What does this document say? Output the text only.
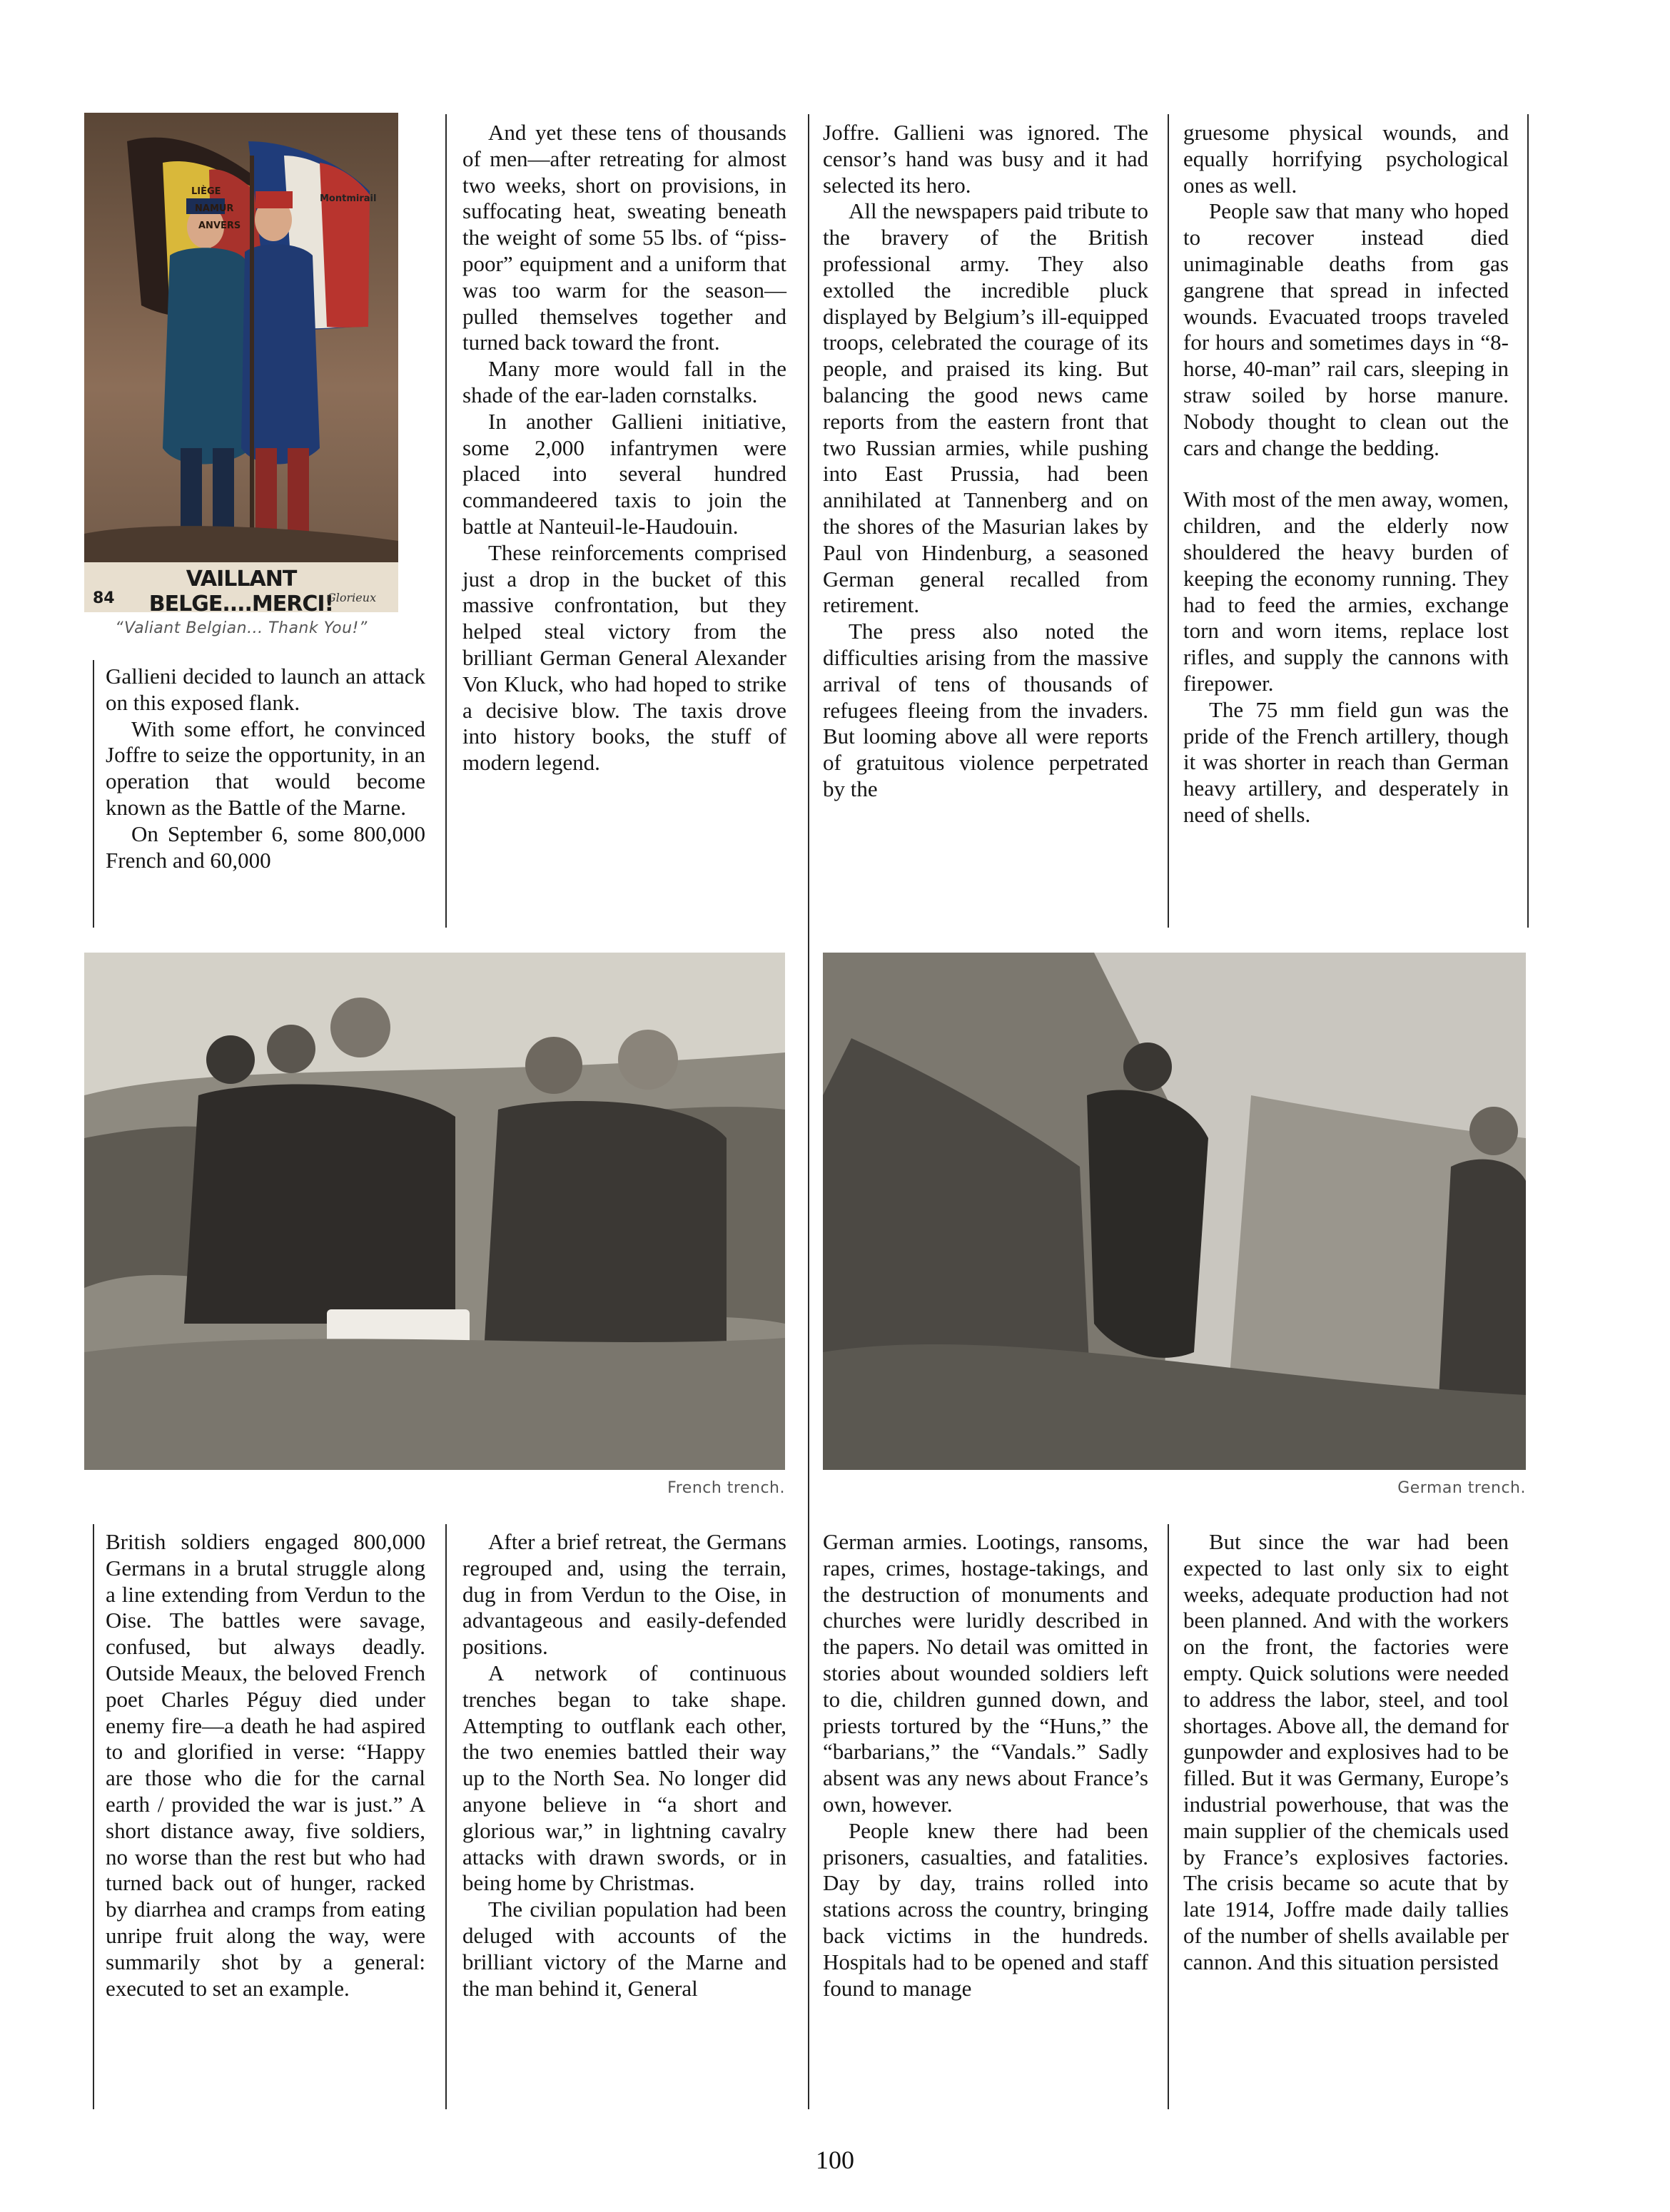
LIÈGE
NAMUR
ANVERS
Montmirail
VAILLANT BELGE....MERCI!
84	Glorieux
“Valiant Belgian... Thank You!”

Gallieni decided to launch an attack on this exposed flank.

With some effort, he convinced Joffre to seize the opportunity, in an operation that would become known as the Battle of the Marne.

On September 6, some 800,000 French and 60,000

And yet these tens of thousands of men—after retreating for almost two weeks, short on provisions, in suffocating heat, sweating beneath the weight of some 55 lbs. of “piss-poor” equipment and a uniform that was too warm for the season—pulled themselves together and turned back toward the front.

Many more would fall in the shade of the ear-laden cornstalks.

In another Gallieni initiative, some 2,000 infantrymen were placed into several hundred commandeered taxis to join the battle at Nanteuil-le-Haudouin.

These reinforcements comprised just a drop in the bucket of this massive confrontation, but they helped steal victory from the brilliant German General Alexander Von Kluck, who had hoped to strike a decisive blow. The taxis drove into history books, the stuff of modern legend.

Joffre. Gallieni was ignored. The censor’s hand was busy and it had selected its hero.

All the newspapers paid tribute to the bravery of the British professional army. They also extolled the incredible pluck displayed by Belgium’s ill-equipped troops, celebrated the courage of its people, and praised its king. But balancing the good news came reports from the eastern front that two Russian armies, while pushing into East Prussia, had been annihilated at Tannenberg and on the shores of the Masurian lakes by Paul von Hindenburg, a seasoned German general recalled from retirement.

The press also noted the difficulties arising from the massive arrival of tens of thousands of refugees fleeing from the invaders. But looming above all were reports of gratuitous violence perpetrated by the

gruesome physical wounds, and equally horrifying psychological ones as well.

People saw that many who hoped to recover instead died unimaginable deaths from gas gangrene that spread in infected wounds. Evacuated troops traveled for hours and sometimes days in “8-horse, 40-man” rail cars, sleeping in straw soiled by horse manure. Nobody thought to clean out the cars and change the bedding.

With most of the men away, women, children, and the elderly now shouldered the heavy burden of keeping the economy running. They had to feed the armies, exchange torn and worn items, replace lost rifles, and supply the cannons with firepower.

The 75 mm field gun was the pride of the French artillery, though it was shorter in reach than German heavy artillery, and desperately in need of shells.

French trench.	German trench.

British soldiers engaged 800,000 Germans in a brutal struggle along a line extending from Verdun to the Oise. The battles were savage, confused, but always deadly. Outside Meaux, the beloved French poet Charles Péguy died under enemy fire—a death he had aspired to and glorified in verse: “Happy are those who die for the carnal earth / provided the war is just.” A short distance away, five soldiers, no worse than the rest but who had turned back out of hunger, racked by diarrhea and cramps from eating unripe fruit along the way, were summarily shot by a general: executed to set an example.

After a brief retreat, the Germans regrouped and, using the terrain, dug in from Verdun to the Oise, in advantageous and easily-defended positions.

A network of continuous trenches began to take shape. Attempting to outflank each other, the two enemies battled their way up to the North Sea. No longer did anyone believe in “a short and glorious war,” in lightning cavalry attacks with drawn swords, or in being home by Christmas.

The civilian population had been deluged with accounts of the brilliant victory of the Marne and the man behind it, General

German armies. Lootings, ransoms, rapes, crimes, hostage-takings, and the destruction of monuments and churches were luridly described in the papers. No detail was omitted in stories about wounded soldiers left to die, children gunned down, and priests tortured by the “Huns,” the “barbarians,” the “Vandals.” Sadly absent was any news about France’s own, however.

People knew there had been prisoners, casualties, and fatalities. Day by day, trains rolled into stations across the country, bringing back victims in the hundreds. Hospitals had to be opened and staff found to manage

But since the war had been expected to last only six to eight weeks, adequate production had not been planned. And with the workers on the front, the factories were empty. Quick solutions were needed to address the labor, steel, and tool shortages. Above all, the demand for gunpowder and explosives had to be filled. But it was Germany, Europe’s industrial powerhouse, that was the main supplier of the chemicals used by France’s explosives factories. The crisis became so acute that by late 1914, Joffre made daily tallies of the number of shells available per cannon. And this situation persisted

100
